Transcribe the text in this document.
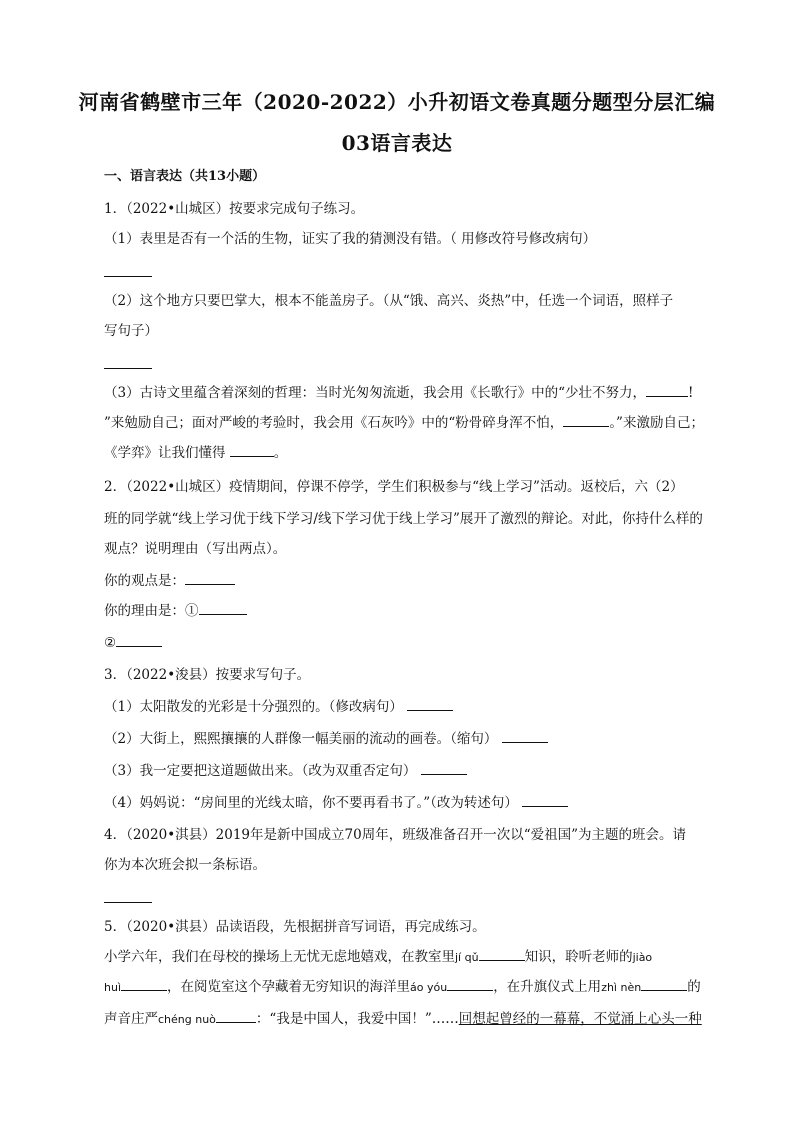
河南省鹤壁市三年（2020-2022）小升初语文卷真题分题型分层汇编
03语言表达
一、语言表达（共13小题）
1．（2022•山城区）按要求完成句子练习。
（1）表里是否有一个活的生物，证实了我的猜测没有错。（ 用修改符号修改病句）
（2）这个地方只要巴掌大，根本不能盖房子。（从“饿、高兴、炎热”中，任选一个词语，照样子
写句子）
（3）古诗文里蕴含着深刻的哲理：当时光匆匆流逝，我会用《长歌行》中的“少壮不努力，	!
”来勉励自己；面对严峻的考验时，我会用《石灰吟》中的“粉骨碎身浑不怕，	。”来激励自己；
《学弈》让我们懂得	。
2．（2022•山城区）疫情期间，停课不停学，学生们积极参与“线上学习”活动。返校后，六（2）
班的同学就“线上学习优于线下学习/线下学习优于线上学习”展开了激烈的辩论。对此，你持什么样的
观点？说明理由（写出两点）。
你的观点是：
你的理由是：①
②
3．（2022•浚县）按要求写句子。
（1）太阳散发的光彩是十分强烈的。（修改病句）
（2）大街上，熙熙攘攘的人群像一幅美丽的流动的画卷。（缩句）
（3）我一定要把这道题做出来。（改为双重否定句）
（4）妈妈说：“房间里的光线太暗，你不要再看书了。”（改为转述句）
4．（2020•淇县）2019年是新中国成立70周年，班级准备召开一次以“爱祖国”为主题的班会。请
你为本次班会拟一条标语。
5．（2020•淇县）品读语段，先根据拼音写词语，再完成练习。
小学六年，我们在母校的操场上无忧无虑地嬉戏，在教室里jí qǔ	知识，聆听老师的jiào
huì	，在阅览室这个孕藏着无穷知识的海洋里áo yóu	，在升旗仪式上用zhì nèn	的
声音庄严chéng nuò	：“我是中国人，我爱中国！”……回想起曾经的一幕幕，不觉涌上心头一种
